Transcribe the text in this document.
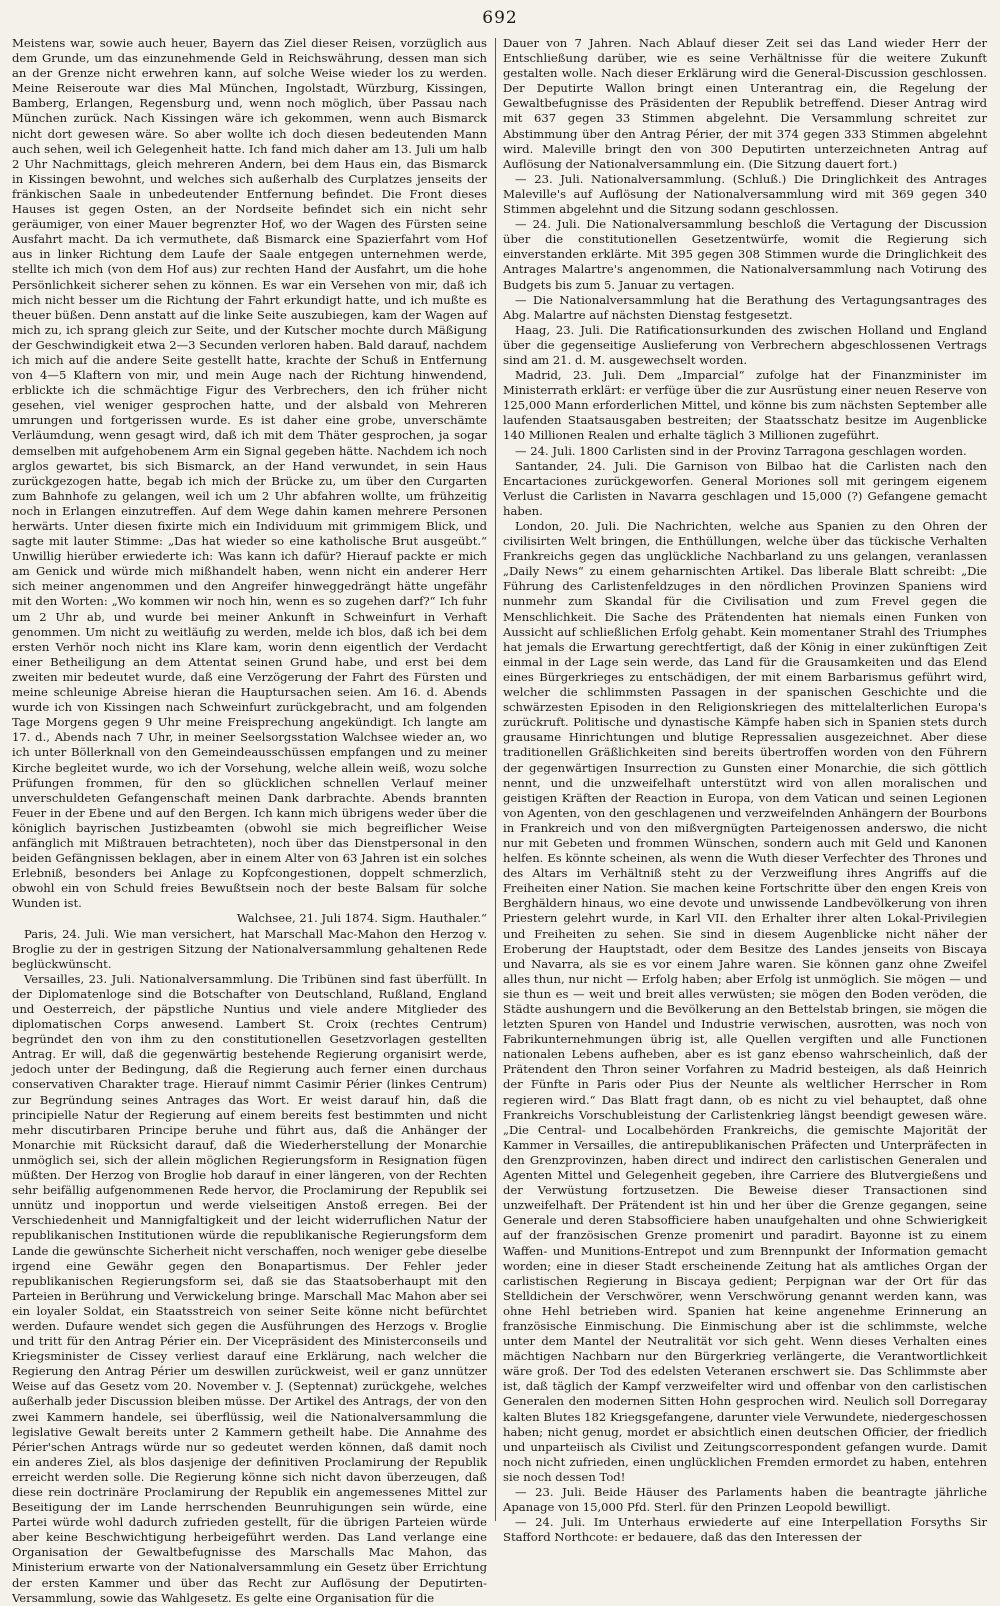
692

Meistens war, sowie auch heuer, Bayern das Ziel dieser Reisen, vorzüglich aus dem Grunde, um das einzunehmende Geld in Reichswährung, dessen man sich an der Grenze nicht erwehren kann, auf solche Weise wieder los zu werden. Meine Reiseroute war dies Mal München, Ingolstadt, Würzburg, Kissingen, Bamberg, Erlangen, Regensburg und, wenn noch möglich, über Passau nach München zurück. Nach Kissingen wäre ich gekommen, wenn auch Bismarck nicht dort gewesen wäre. So aber wollte ich doch diesen bedeutenden Mann auch sehen, weil ich Gelegenheit hatte. Ich fand mich daher am 13. Juli um halb 2 Uhr Nachmittags, gleich mehreren Andern, bei dem Haus ein, das Bismarck in Kissingen bewohnt, und welches sich außerhalb des Curplatzes jenseits der fränkischen Saale in unbedeutender Entfernung befindet. Die Front dieses Hauses ist gegen Osten, an der Nordseite befindet sich ein nicht sehr geräumiger, von einer Mauer begrenzter Hof, wo der Wagen des Fürsten seine Ausfahrt macht. Da ich vermuthete, daß Bismarck eine Spazierfahrt vom Hof aus in linker Richtung dem Laufe der Saale entgegen unternehmen werde, stellte ich mich (von dem Hof aus) zur rechten Hand der Ausfahrt, um die hohe Persönlichkeit sicherer sehen zu können. Es war ein Versehen von mir, daß ich mich nicht besser um die Richtung der Fahrt erkundigt hatte, und ich mußte es theuer büßen. Denn anstatt auf die linke Seite auszubiegen, kam der Wagen auf mich zu, ich sprang gleich zur Seite, und der Kutscher mochte durch Mäßigung der Geschwindigkeit etwa 2—3 Secunden verloren haben. Bald darauf, nachdem ich mich auf die andere Seite gestellt hatte, krachte der Schuß in Entfernung von 4—5 Klaftern von mir, und mein Auge nach der Richtung hinwendend, erblickte ich die schmächtige Figur des Verbrechers, den ich früher nicht gesehen, viel weniger gesprochen hatte, und der alsbald von Mehreren umrungen und fortgerissen wurde. Es ist daher eine grobe, unverschämte Verläumdung, wenn gesagt wird, daß ich mit dem Thäter gesprochen, ja sogar demselben mit aufgehobenem Arm ein Signal gegeben hätte. Nachdem ich noch arglos gewartet, bis sich Bismarck, an der Hand verwundet, in sein Haus zurückgezogen hatte, begab ich mich der Brücke zu, um über den Curgarten zum Bahnhofe zu gelangen, weil ich um 2 Uhr abfahren wollte, um frühzeitig noch in Erlangen einzutreffen. Auf dem Wege dahin kamen mehrere Personen herwärts. Unter diesen fixirte mich ein Individuum mit grimmigem Blick, und sagte mit lauter Stimme: „Das hat wieder so eine katholische Brut ausgeübt.“ Unwillig hierüber erwiederte ich: Was kann ich dafür? Hierauf packte er mich am Genick und würde mich mißhandelt haben, wenn nicht ein anderer Herr sich meiner angenommen und den Angreifer hinweggedrängt hätte ungefähr mit den Worten: „Wo kommen wir noch hin, wenn es so zugehen darf?“ Ich fuhr um 2 Uhr ab, und wurde bei meiner Ankunft in Schweinfurt in Verhaft genommen. Um nicht zu weitläufig zu werden, melde ich blos, daß ich bei dem ersten Verhör noch nicht ins Klare kam, worin denn eigentlich der Verdacht einer Betheiligung an dem Attentat seinen Grund habe, und erst bei dem zweiten mir bedeutet wurde, daß eine Verzögerung der Fahrt des Fürsten und meine schleunige Abreise hieran die Hauptursachen seien. Am 16. d. Abends wurde ich von Kissingen nach Schweinfurt zurückgebracht, und am folgenden Tage Morgens gegen 9 Uhr meine Freisprechung angekündigt. Ich langte am 17. d., Abends nach 7 Uhr, in meiner Seelsorgsstation Walchsee wieder an, wo ich unter Böllerknall von den Gemeindeausschüssen empfangen und zu meiner Kirche begleitet wurde, wo ich der Vorsehung, welche allein weiß, wozu solche Prüfungen frommen, für den so glücklichen schnellen Verlauf meiner unverschuldeten Gefangenschaft meinen Dank darbrachte. Abends brannten Feuer in der Ebene und auf den Bergen. Ich kann mich übrigens weder über die königlich bayrischen Justizbeamten (obwohl sie mich begreiflicher Weise anfänglich mit Mißtrauen betrachteten), noch über das Dienstpersonal in den beiden Gefängnissen beklagen, aber in einem Alter von 63 Jahren ist ein solches Erlebniß, besonders bei Anlage zu Kopfcongestionen, doppelt schmerzlich, obwohl ein von Schuld freies Bewußtsein noch der beste Balsam für solche Wunden ist.

Walchsee, 21. Juli 1874. Sigm. Hauthaler.“

Paris, 24. Juli. Wie man versichert, hat Marschall Mac-Mahon den Herzog v. Broglie zu der in gestrigen Sitzung der Nationalversammlung gehaltenen Rede beglückwünscht.

Versailles, 23. Juli. Nationalversammlung. Die Tribünen sind fast überfüllt. In der Diplomatenloge sind die Botschafter von Deutschland, Rußland, England und Oesterreich, der päpstliche Nuntius und viele andere Mitglieder des diplomatischen Corps anwesend. Lambert St. Croix (rechtes Centrum) begründet den von ihm zu den constitutionellen Gesetzvorlagen gestellten Antrag. Er will, daß die gegenwärtig bestehende Regierung organisirt werde, jedoch unter der Bedingung, daß die Regierung auch ferner einen durchaus conservativen Charakter trage. Hierauf nimmt Casimir Périer (linkes Centrum) zur Begründung seines Antrages das Wort. Er weist darauf hin, daß die principielle Natur der Regierung auf einem bereits fest bestimmten und nicht mehr discutirbaren Principe beruhe und führt aus, daß die Anhänger der Monarchie mit Rücksicht darauf, daß die Wiederherstellung der Monarchie unmöglich sei, sich der allein möglichen Regierungsform in Resignation fügen müßten. Der Herzog von Broglie hob darauf in einer längeren, von der Rechten sehr beifällig aufgenommenen Rede hervor, die Proclamirung der Republik sei unnütz und inopportun und werde vielseitigen Anstoß erregen. Bei der Verschiedenheit und Mannigfaltigkeit und der leicht widerruflichen Natur der republikanischen Institutionen würde die republikanische Regierungsform dem Lande die gewünschte Sicherheit nicht verschaffen, noch weniger gebe dieselbe irgend eine Gewähr gegen den Bonapartismus. Der Fehler jeder republikanischen Regierungsform sei, daß sie das Staatsoberhaupt mit den Parteien in Berührung und Verwickelung bringe. Marschall Mac Mahon aber sei ein loyaler Soldat, ein Staatsstreich von seiner Seite könne nicht befürchtet werden. Dufaure wendet sich gegen die Ausführungen des Herzogs v. Broglie und tritt für den Antrag Périer ein. Der Vicepräsident des Ministerconseils und Kriegsminister de Cissey verliest darauf eine Erklärung, nach welcher die Regierung den Antrag Périer um deswillen zurückweist, weil er ganz unnützer Weise auf das Gesetz vom 20. November v. J. (Septennat) zurückgehe, welches außerhalb jeder Discussion bleiben müsse. Der Artikel des Antrags, der von den zwei Kammern handele, sei überflüssig, weil die Nationalversammlung die legislative Gewalt bereits unter 2 Kammern getheilt habe. Die Annahme des Périer'schen Antrags würde nur so gedeutet werden können, daß damit noch ein anderes Ziel, als blos dasjenige der definitiven Proclamirung der Republik erreicht werden solle. Die Regierung könne sich nicht davon überzeugen, daß diese rein doctrinäre Proclamirung der Republik ein angemessenes Mittel zur Beseitigung der im Lande herrschenden Beunruhigungen sein würde, eine Partei würde wohl dadurch zufrieden gestellt, für die übrigen Parteien würde aber keine Beschwichtigung herbeigeführt werden. Das Land verlange eine Organisation der Gewaltbefugnisse des Marschalls Mac Mahon, das Ministerium erwarte von der Nationalversammlung ein Gesetz über Errichtung der ersten Kammer und über das Recht zur Auflösung der Deputirten-Versammlung, sowie das Wahlgesetz. Es gelte eine Organisation für die

Dauer von 7 Jahren. Nach Ablauf dieser Zeit sei das Land wieder Herr der Entschließung darüber, wie es seine Verhältnisse für die weitere Zukunft gestalten wolle. Nach dieser Erklärung wird die General-Discussion geschlossen. Der Deputirte Wallon bringt einen Unterantrag ein, die Regelung der Gewaltbefugnisse des Präsidenten der Republik betreffend. Dieser Antrag wird mit 637 gegen 33 Stimmen abgelehnt. Die Versammlung schreitet zur Abstimmung über den Antrag Périer, der mit 374 gegen 333 Stimmen abgelehnt wird. Maleville bringt den von 300 Deputirten unterzeichneten Antrag auf Auflösung der Nationalversammlung ein. (Die Sitzung dauert fort.)

— 23. Juli. Nationalversammlung. (Schluß.) Die Dringlichkeit des Antrages Maleville's auf Auflösung der Nationalversammlung wird mit 369 gegen 340 Stimmen abgelehnt und die Sitzung sodann geschlossen.

— 24. Juli. Die Nationalversammlung beschloß die Vertagung der Discussion über die constitutionellen Gesetzentwürfe, womit die Regierung sich einverstanden erklärte. Mit 395 gegen 308 Stimmen wurde die Dringlichkeit des Antrages Malartre's angenommen, die Nationalversammlung nach Votirung des Budgets bis zum 5. Januar zu vertagen.

— Die Nationalversammlung hat die Berathung des Vertagungsantrages des Abg. Malartre auf nächsten Dienstag festgesetzt.

Haag, 23. Juli. Die Ratificationsurkunden des zwischen Holland und England über die gegenseitige Auslieferung von Verbrechern abgeschlossenen Vertrags sind am 21. d. M. ausgewechselt worden.

Madrid, 23. Juli. Dem „Imparcial“ zufolge hat der Finanzminister im Ministerrath erklärt: er verfüge über die zur Ausrüstung einer neuen Reserve von 125,000 Mann erforderlichen Mittel, und könne bis zum nächsten September alle laufenden Staatsausgaben bestreiten; der Staatsschatz besitze im Augenblicke 140 Millionen Realen und erhalte täglich 3 Millionen zugeführt.

— 24. Juli. 1800 Carlisten sind in der Provinz Tarragona geschlagen worden.

Santander, 24. Juli. Die Garnison von Bilbao hat die Carlisten nach den Encartaciones zurückgeworfen. General Moriones soll mit geringem eigenem Verlust die Carlisten in Navarra geschlagen und 15,000 (?) Gefangene gemacht haben.

London, 20. Juli. Die Nachrichten, welche aus Spanien zu den Ohren der civilisirten Welt bringen, die Enthüllungen, welche über das tückische Verhalten Frankreichs gegen das unglückliche Nachbarland zu uns gelangen, veranlassen „Daily News“ zu einem geharnischten Artikel. Das liberale Blatt schreibt: „Die Führung des Carlistenfeldzuges in den nördlichen Provinzen Spaniens wird nunmehr zum Skandal für die Civilisation und zum Frevel gegen die Menschlichkeit. Die Sache des Prätendenten hat niemals einen Funken von Aussicht auf schließlichen Erfolg gehabt. Kein momentaner Strahl des Triumphes hat jemals die Erwartung gerechtfertigt, daß der König in einer zukünftigen Zeit einmal in der Lage sein werde, das Land für die Grausamkeiten und das Elend eines Bürgerkrieges zu entschädigen, der mit einem Barbarismus geführt wird, welcher die schlimmsten Passagen in der spanischen Geschichte und die schwärzesten Episoden in den Religionskriegen des mittelalterlichen Europa's zurückruft. Politische und dynastische Kämpfe haben sich in Spanien stets durch grausame Hinrichtungen und blutige Repressalien ausgezeichnet. Aber diese traditionellen Gräßlichkeiten sind bereits übertroffen worden von den Führern der gegenwärtigen Insurrection zu Gunsten einer Monarchie, die sich göttlich nennt, und die unzweifelhaft unterstützt wird von allen moralischen und geistigen Kräften der Reaction in Europa, von dem Vatican und seinen Legionen von Agenten, von den geschlagenen und verzweifelnden Anhängern der Bourbons in Frankreich und von den mißvergnügten Parteigenossen anderswo, die nicht nur mit Gebeten und frommen Wünschen, sondern auch mit Geld und Kanonen helfen. Es könnte scheinen, als wenn die Wuth dieser Verfechter des Thrones und des Altars im Verhältniß steht zu der Verzweiflung ihres Angriffs auf die Freiheiten einer Nation. Sie machen keine Fortschritte über den engen Kreis von Berghäldern hinaus, wo eine devote und unwissende Landbevölkerung von ihren Priestern gelehrt wurde, in Karl VII. den Erhalter ihrer alten Lokal-Privilegien und Freiheiten zu sehen. Sie sind in diesem Augenblicke nicht näher der Eroberung der Hauptstadt, oder dem Besitze des Landes jenseits von Biscaya und Navarra, als sie es vor einem Jahre waren. Sie können ganz ohne Zweifel alles thun, nur nicht — Erfolg haben; aber Erfolg ist unmöglich. Sie mögen — und sie thun es — weit und breit alles verwüsten; sie mögen den Boden veröden, die Städte aushungern und die Bevölkerung an den Bettelstab bringen, sie mögen die letzten Spuren von Handel und Industrie verwischen, ausrotten, was noch von Fabrikunternehmungen übrig ist, alle Quellen vergiften und alle Functionen nationalen Lebens aufheben, aber es ist ganz ebenso wahrscheinlich, daß der Prätendent den Thron seiner Vorfahren zu Madrid besteigen, als daß Heinrich der Fünfte in Paris oder Pius der Neunte als weltlicher Herrscher in Rom regieren wird.“ Das Blatt fragt dann, ob es nicht zu viel behauptet, daß ohne Frankreichs Vorschubleistung der Carlistenkrieg längst beendigt gewesen wäre. „Die Central- und Localbehörden Frankreichs, die gemischte Majorität der Kammer in Versailles, die antirepublikanischen Präfecten und Unterpräfecten in den Grenzprovinzen, haben direct und indirect den carlistischen Generalen und Agenten Mittel und Gelegenheit gegeben, ihre Carriere des Blutvergießens und der Verwüstung fortzusetzen. Die Beweise dieser Transactionen sind unzweifelhaft. Der Prätendent ist hin und her über die Grenze gegangen, seine Generale und deren Stabsofficiere haben unaufgehalten und ohne Schwierigkeit auf der französischen Grenze promenirt und paradirt. Bayonne ist zu einem Waffen- und Munitions-Entrepot und zum Brennpunkt der Information gemacht worden; eine in dieser Stadt erscheinende Zeitung hat als amtliches Organ der carlistischen Regierung in Biscaya gedient; Perpignan war der Ort für das Stelldichein der Verschwörer, wenn Verschwörung genannt werden kann, was ohne Hehl betrieben wird. Spanien hat keine angenehme Erinnerung an französische Einmischung. Die Einmischung aber ist die schlimmste, welche unter dem Mantel der Neutralität vor sich geht. Wenn dieses Verhalten eines mächtigen Nachbarn nur den Bürgerkrieg verlängerte, die Verantwortlichkeit wäre groß. Der Tod des edelsten Veteranen erschwert sie. Das Schlimmste aber ist, daß täglich der Kampf verzweifelter wird und offenbar von den carlistischen Generalen den modernen Sitten Hohn gesprochen wird. Neulich soll Dorregaray kalten Blutes 182 Kriegsgefangene, darunter viele Verwundete, niedergeschossen haben; nicht genug, mordet er absichtlich einen deutschen Officier, der friedlich und unparteiisch als Civilist und Zeitungscorrespondent gefangen wurde. Damit noch nicht zufrieden, einen unglücklichen Fremden ermordet zu haben, entehren sie noch dessen Tod!

— 23. Juli. Beide Häuser des Parlaments haben die beantragte jährliche Apanage von 15,000 Pfd. Sterl. für den Prinzen Leopold bewilligt.

— 24. Juli. Im Unterhaus erwiederte auf eine Interpellation Forsyths Sir Stafford Northcote: er bedauere, daß das den Interessen der
